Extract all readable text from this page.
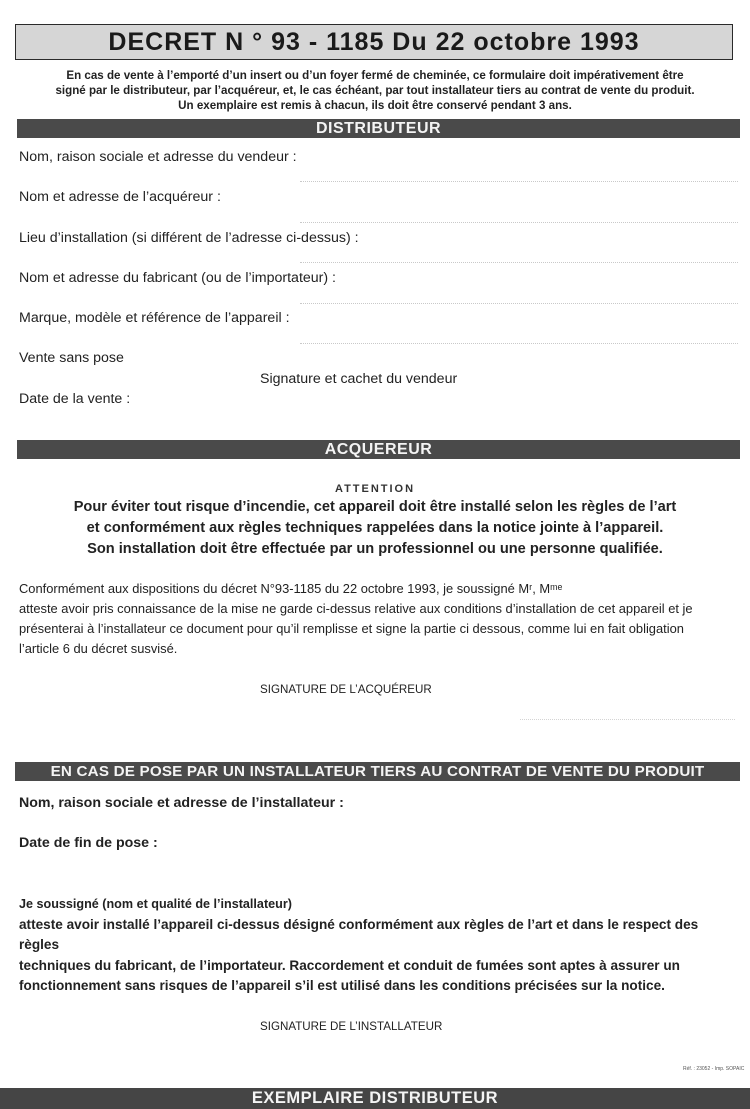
DECRET N ° 93 - 1185 Du 22 octobre 1993
En cas de vente à l’emporté d’un insert ou d’un foyer fermé de cheminée, ce formulaire doit impérativement être
signé par le distributeur, par l’acquéreur, et, le cas échéant, par tout installateur tiers au contrat de vente du produit.
Un exemplaire est remis à chacun, ils doit être conservé pendant 3 ans.
DISTRIBUTEUR
Nom, raison sociale et adresse du vendeur :
Nom et adresse de l’acquéreur :
Lieu d’installation (si différent de l’adresse ci-dessus) :
Nom et adresse du fabricant (ou de l’importateur) :
Marque, modèle et référence de l’appareil :
Vente sans pose
Signature et cachet du vendeur
Date de la vente :
ACQUEREUR
ATTENTION
Pour éviter tout risque d’incendie, cet appareil doit être installé selon les règles de l’art
et conformément aux règles techniques rappelées dans la notice jointe à l’appareil.
Son installation doit être effectuée par un professionnel ou une personne qualifiée.
Conformément aux dispositions du décret N°93-1185 du 22 octobre 1993, je soussigné Mʳ, Mᵐᵉ
atteste avoir pris connaissance de la mise ne garde ci-dessus relative aux conditions d’installation de cet appareil et je
présenterai à l’installateur ce document pour qu’il remplisse et signe la partie ci dessous, comme lui en fait obligation
l’article 6 du décret susvisé.
SIGNATURE DE L’ACQUÉREUR
EN CAS DE POSE PAR UN INSTALLATEUR TIERS AU CONTRAT DE VENTE DU PRODUIT
Nom, raison sociale et adresse de l’installateur :
Date de fin de pose :
Je soussigné (nom et qualité de l’installateur)
atteste avoir installé l’appareil ci-dessus désigné conformément aux règles de l’art et dans le respect des règles
techniques du fabricant, de l’importateur. Raccordement et conduit de fumées sont aptes à assurer un
fonctionnement sans risques de l’appareil s’il est utilisé dans les conditions précisées sur la notice.
SIGNATURE DE L’INSTALLATEUR
Réf. : 23052 - Imp. SOPAIC
EXEMPLAIRE DISTRIBUTEUR
